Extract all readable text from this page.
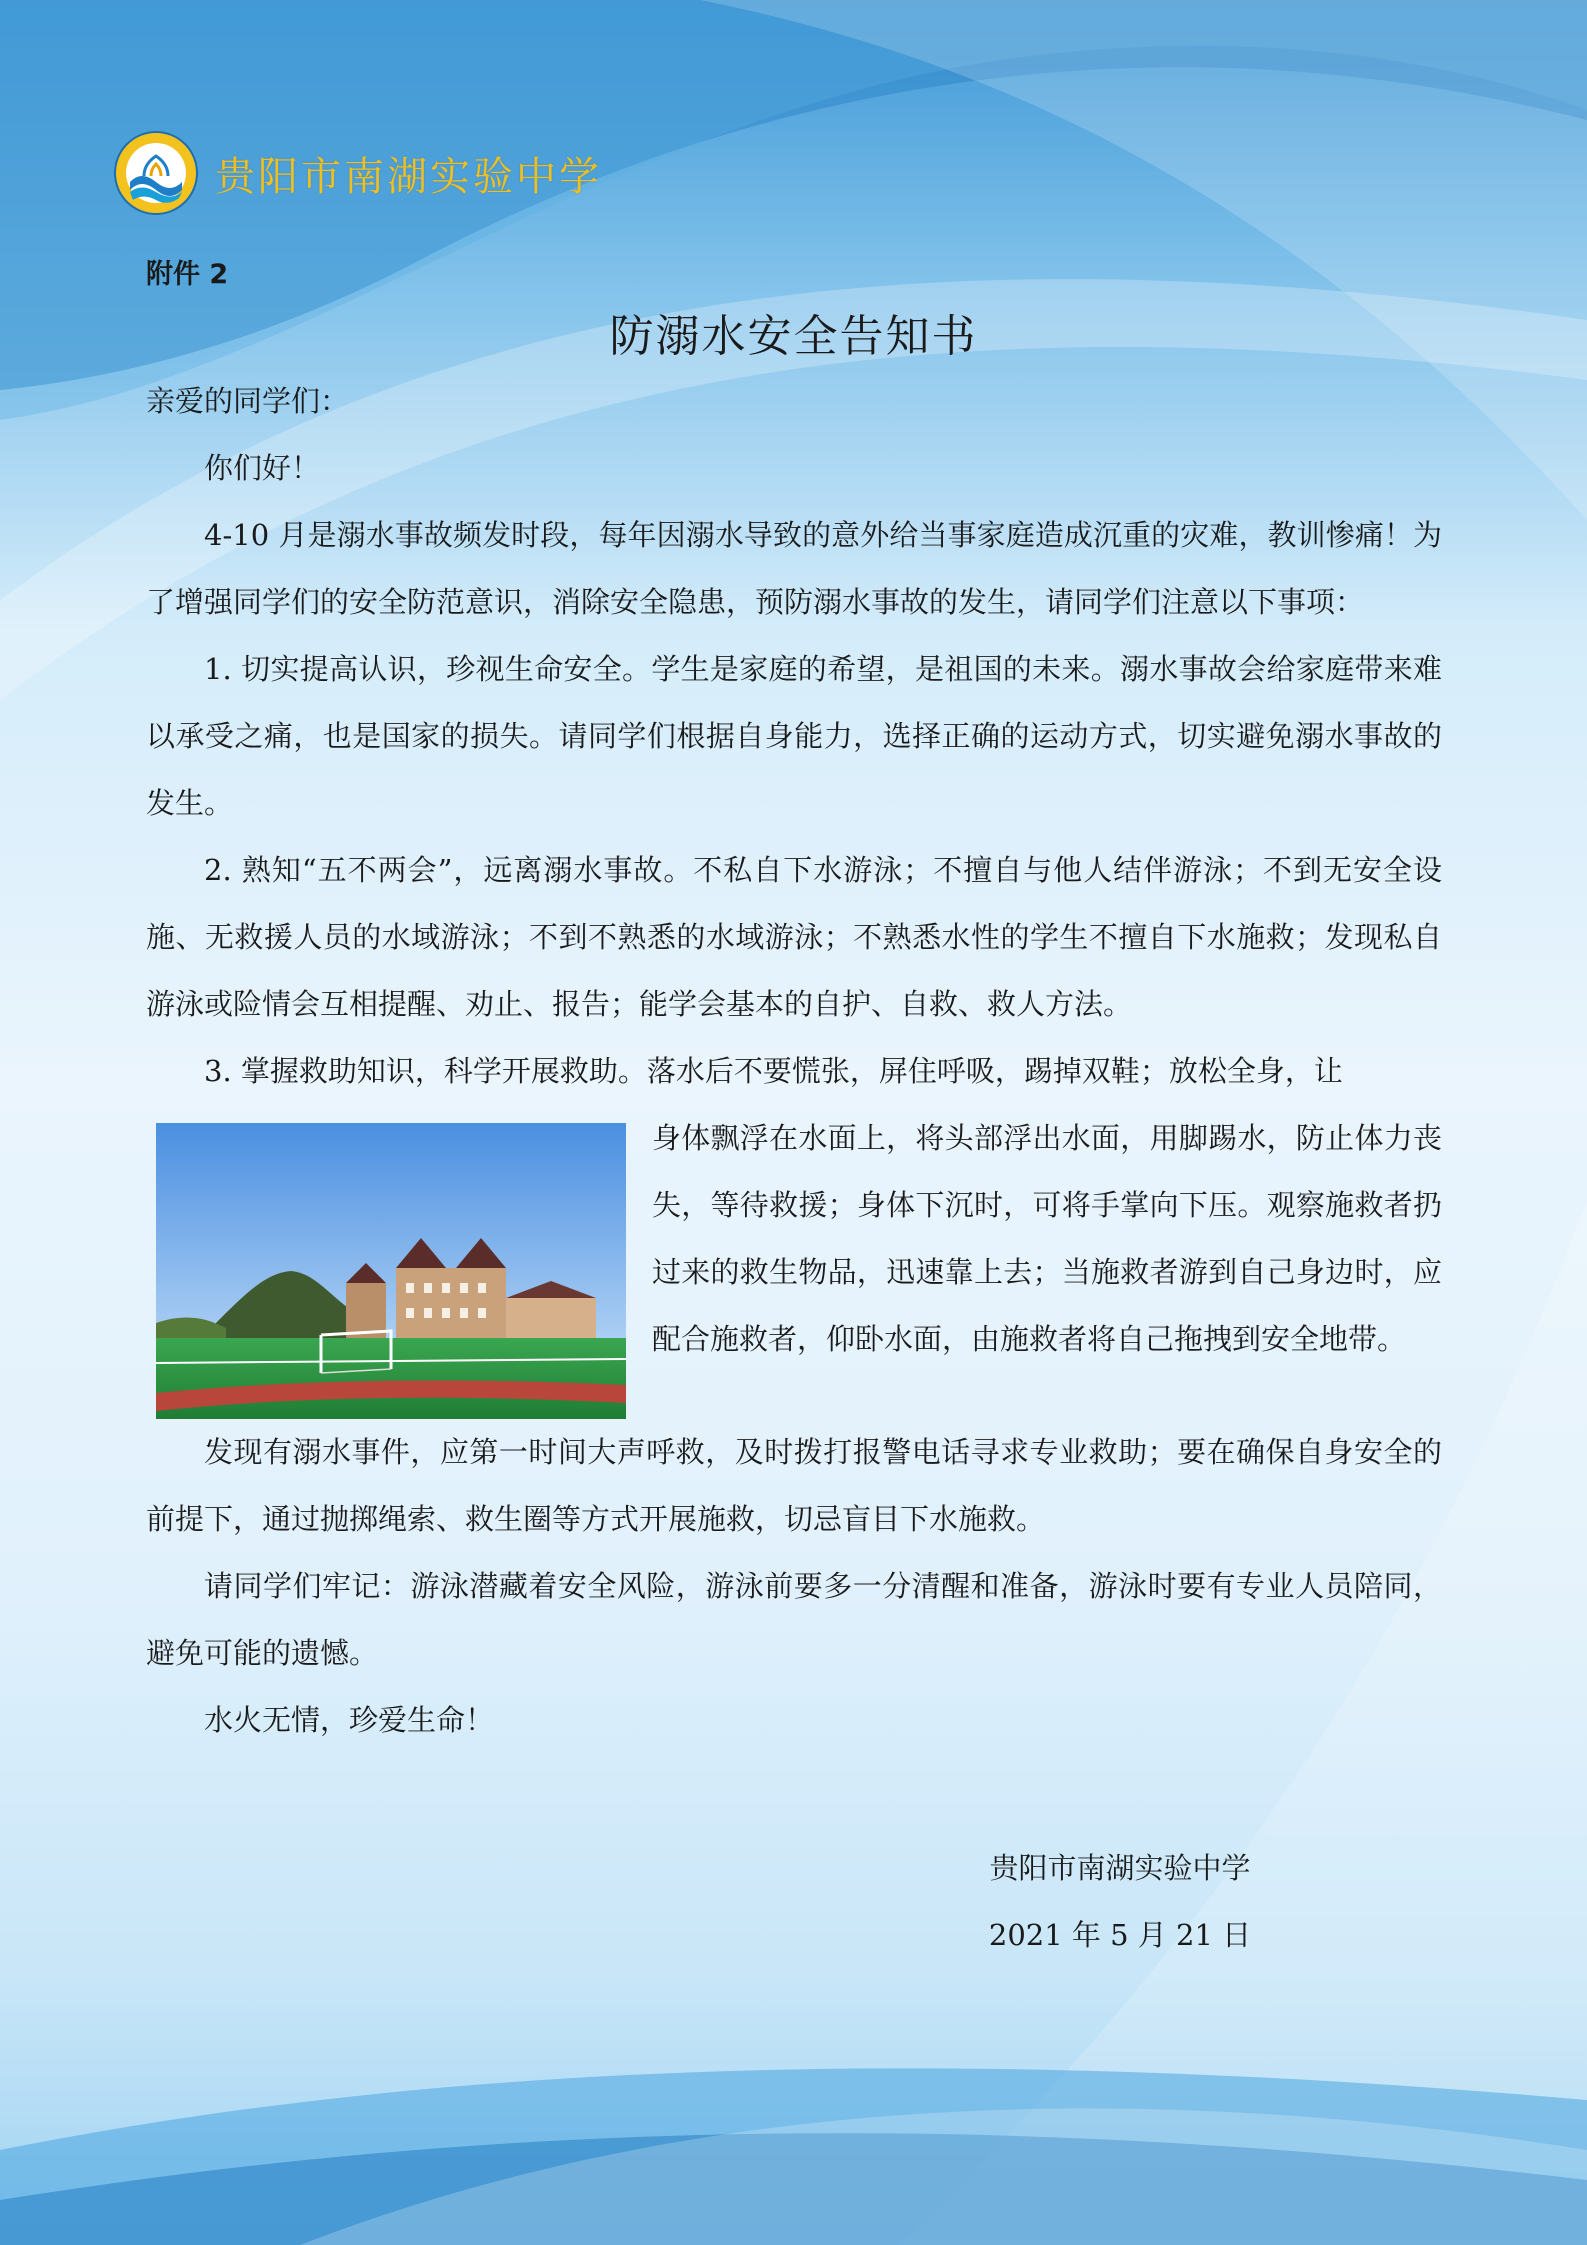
贵阳市南湖实验中学
附件 2
防溺水安全告知书

亲爱的同学们：

你们好！

4-10 月是溺水事故频发时段，每年因溺水导致的意外给当事家庭造成沉重的灾难，教训惨痛！为了增强同学们的安全防范意识，消除安全隐患，预防溺水事故的发生，请同学们注意以下事项：

1. 切实提高认识，珍视生命安全。学生是家庭的希望，是祖国的未来。溺水事故会给家庭带来难以承受之痛，也是国家的损失。请同学们根据自身能力，选择正确的运动方式，切实避免溺水事故的发生。

2. 熟知“五不两会”，远离溺水事故。不私自下水游泳；不擅自与他人结伴游泳；不到无安全设施、无救援人员的水域游泳；不到不熟悉的水域游泳；不熟悉水性的学生不擅自下水施救；发现私自游泳或险情会互相提醒、劝止、报告；能学会基本的自护、自救、救人方法。

3. 掌握救助知识，科学开展救助。落水后不要慌张，屏住呼吸，踢掉双鞋；放松全身，让

身体飘浮在水面上，将头部浮出水面，用脚踢水，防止体力丧失，等待救援；身体下沉时，可将手掌向下压。观察施救者扔过来的救生物品，迅速靠上去；当施救者游到自己身边时，应配合施救者，仰卧水面，由施救者将自己拖拽到安全地带。

发现有溺水事件，应第一时间大声呼救，及时拨打报警电话寻求专业救助；要在确保自身安全的前提下，通过抛掷绳索、救生圈等方式开展施救，切忌盲目下水施救。

请同学们牢记：游泳潜藏着安全风险，游泳前要多一分清醒和准备，游泳时要有专业人员陪同，避免可能的遗憾。

水火无情，珍爱生命！

贵阳市南湖实验中学
2021 年 5 月 21 日
